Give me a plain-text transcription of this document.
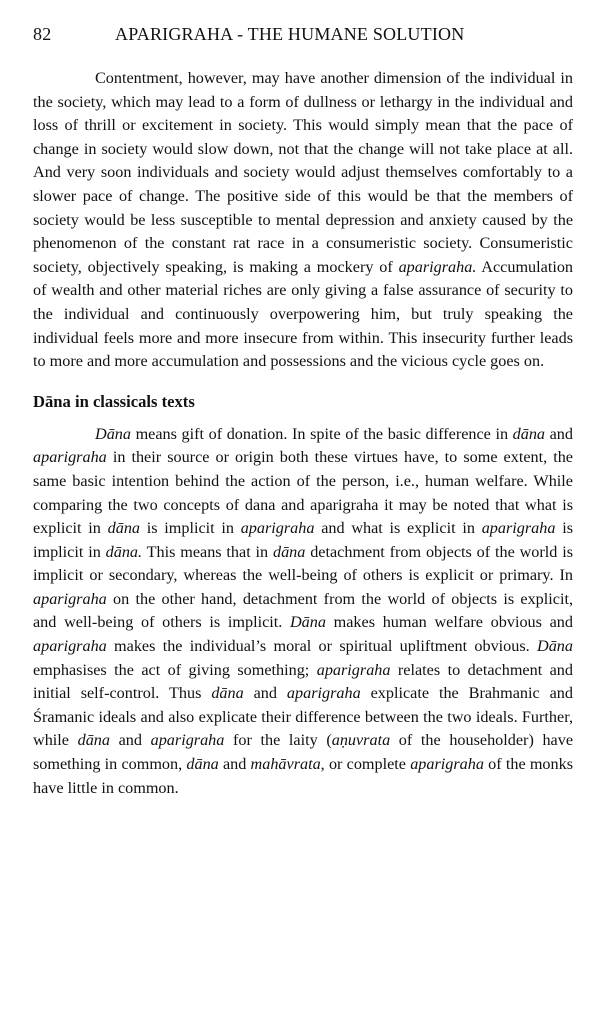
82	APARIGRAHA - THE HUMANE SOLUTION

Contentment, however, may have another dimension of the individual in the society, which may lead to a form of dullness or lethargy in the individual and loss of thrill or excitement in society. This would simply mean that the pace of change in society would slow down, not that the change will not take place at all. And very soon individuals and society would adjust themselves comfortably to a slower pace of change. The positive side of this would be that the members of society would be less susceptible to mental depression and anxiety caused by the phenomenon of the constant rat race in a consumeristic society. Consumeristic society, objectively speaking, is making a mockery of aparigraha. Accumulation of wealth and other material riches are only giving a false assurance of security to the individual and continuously overpowering him, but truly speaking the individual feels more and more insecure from within. This insecurity further leads to more and more accumulation and possessions and the vicious cycle goes on.

Dāna in classicals texts

Dāna means gift of donation. In spite of the basic difference in dāna and aparigraha in their source or origin both these virtues have, to some extent, the same basic intention behind the action of the person, i.e., human welfare. While comparing the two concepts of dana and aparigraha it may be noted that what is explicit in dāna is implicit in aparigraha and what is explicit in aparigraha is implicit in dāna. This means that in dāna detachment from objects of the world is implicit or secondary, whereas the well-being of others is explicit or primary. In aparigraha on the other hand, detachment from the world of objects is explicit, and well-being of others is implicit. Dāna makes human welfare obvious and aparigraha makes the individual’s moral or spiritual upliftment obvious. Dāna emphasises the act of giving something; aparigraha relates to detachment and initial self-control. Thus dāna and aparigraha explicate the Brahmanic and Śramanic ideals and also explicate their difference between the two ideals. Further, while dāna and aparigraha for the laity (aṇuvrata of the householder) have something in common, dāna and mahāvrata, or complete aparigraha of the monks have little in common.
